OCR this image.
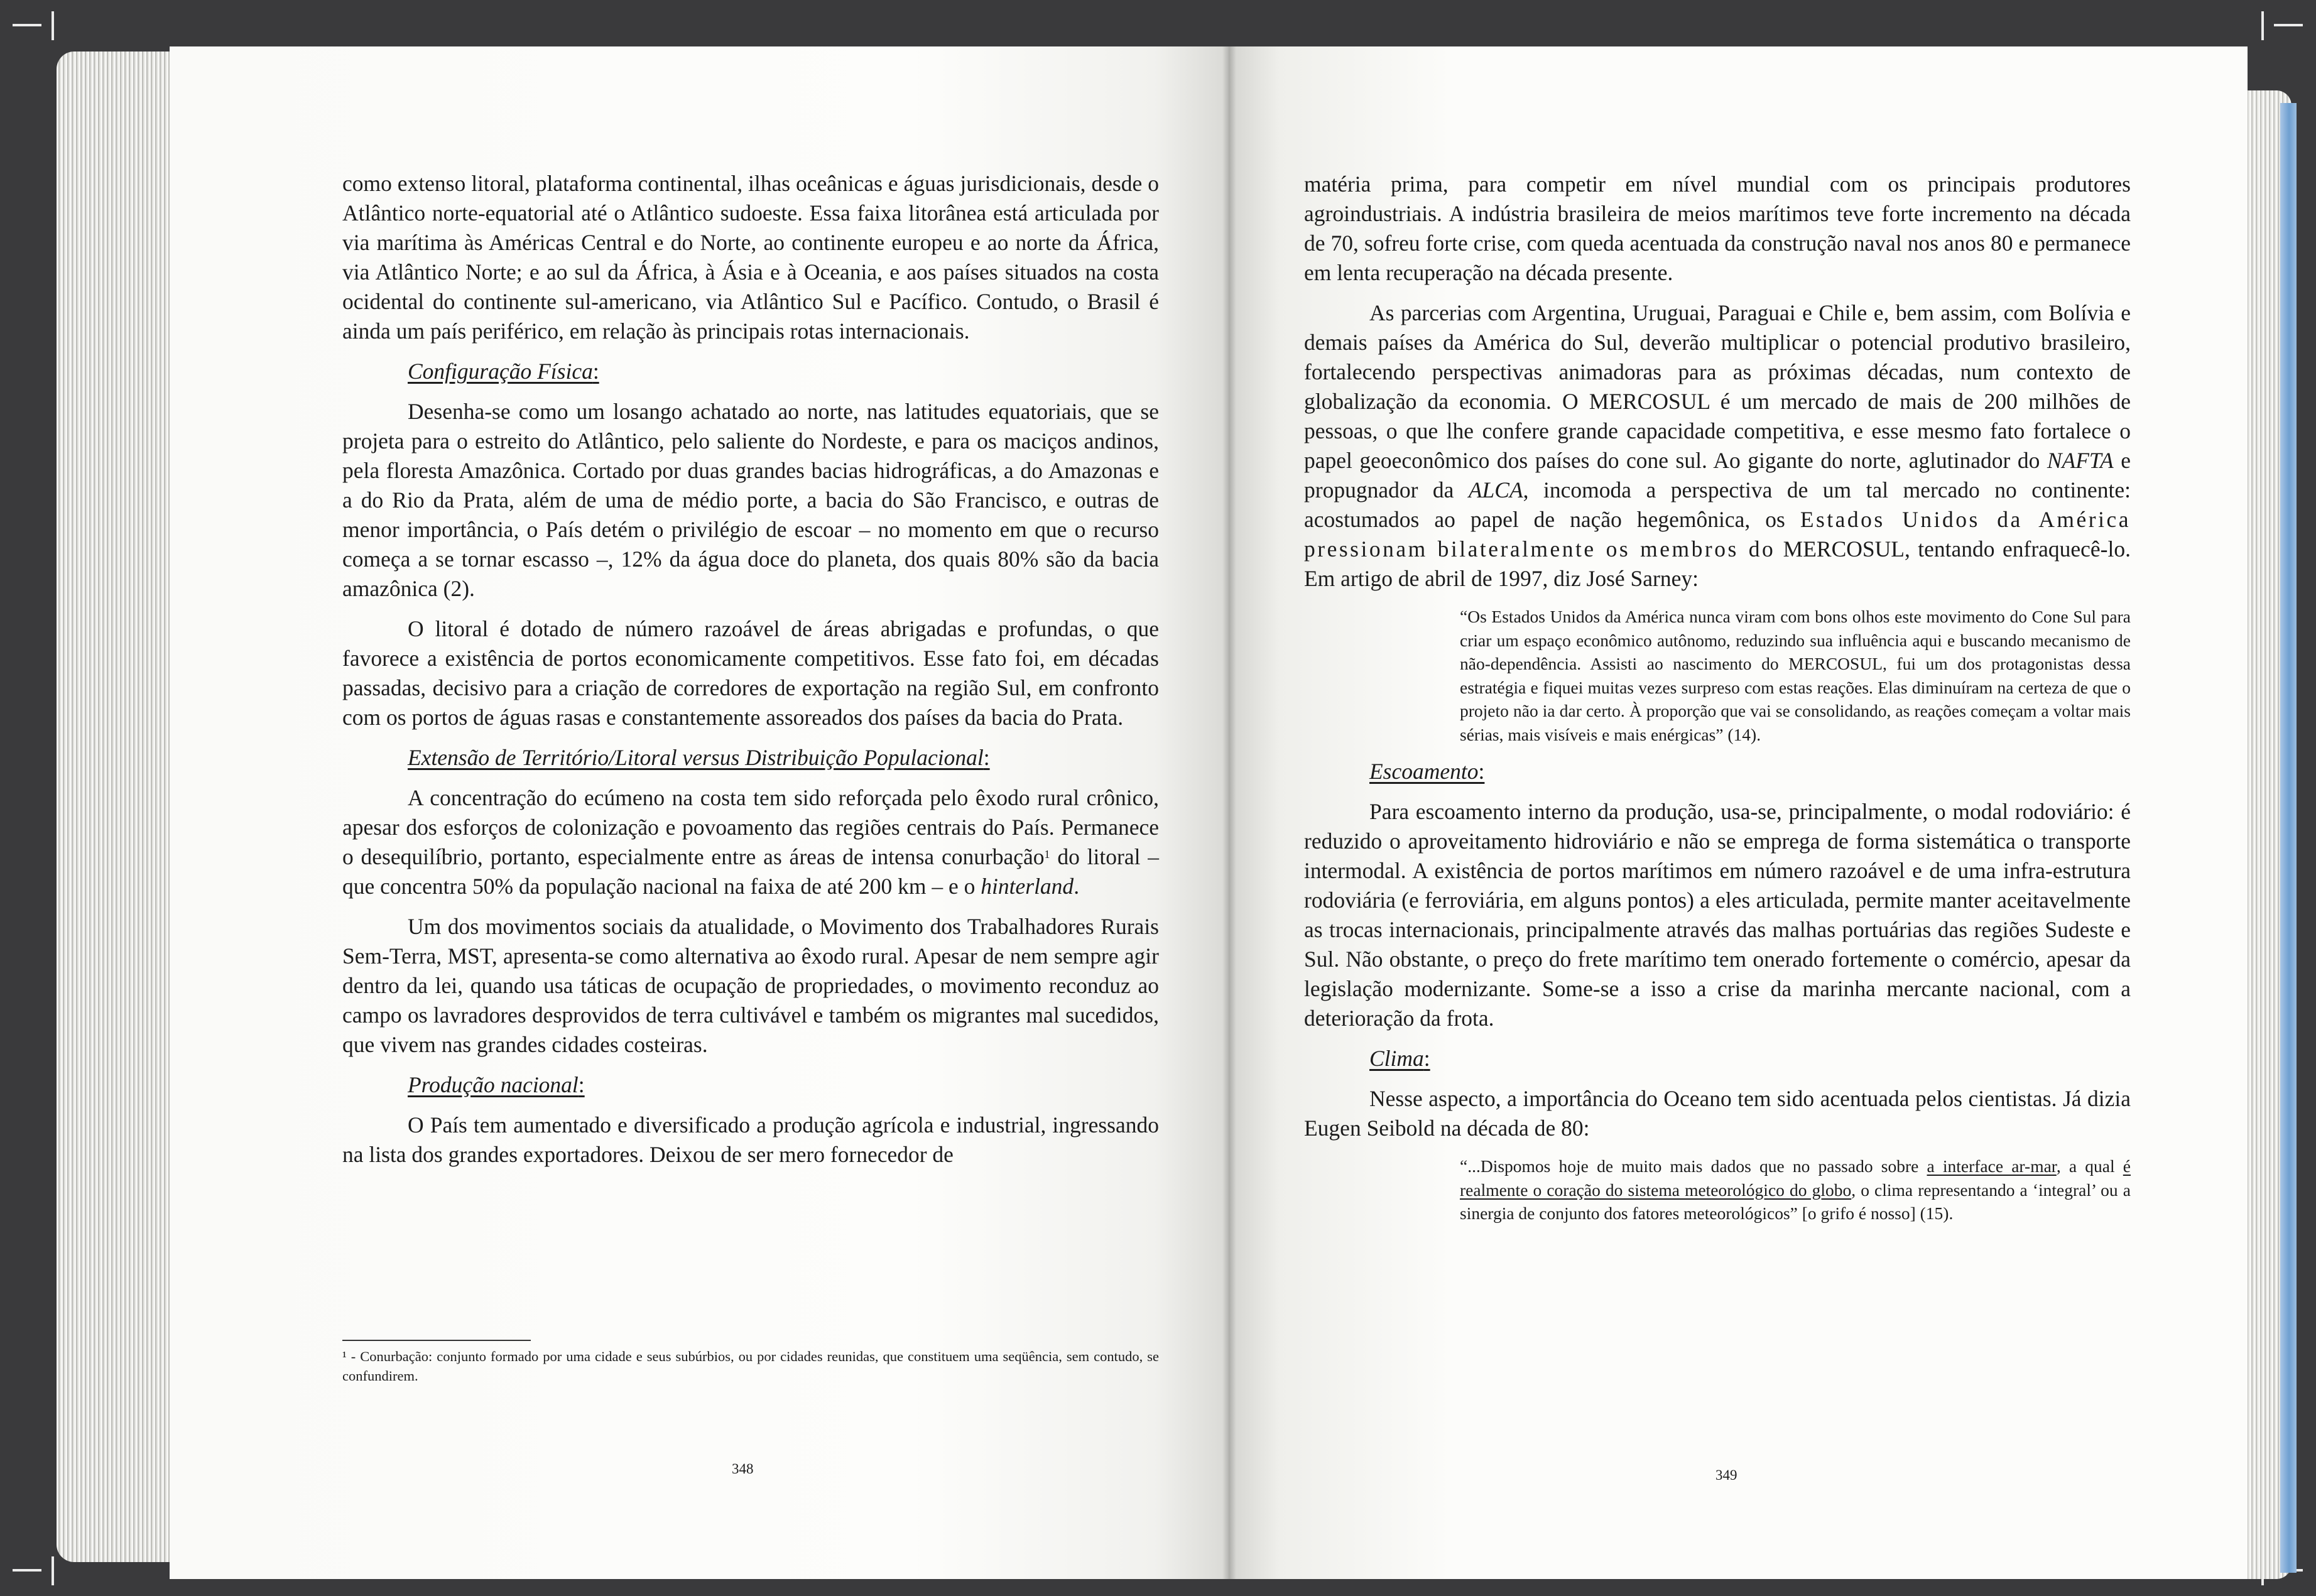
como extenso litoral, plataforma continental, ilhas oceânicas e águas jurisdicionais, desde o Atlântico norte-equatorial até o Atlântico sudoeste. Essa faixa litorânea está articulada por via marítima às Américas Central e do Norte, ao continente europeu e ao norte da África, via Atlântico Norte; e ao sul da África, à Ásia e à Oceania, e aos países situados na costa ocidental do continente sul-americano, via Atlântico Sul e Pacífico. Contudo, o Brasil é ainda um país periférico, em relação às principais rotas internacionais.

Configuração Física:

Desenha-se como um losango achatado ao norte, nas latitudes equatoriais, que se projeta para o estreito do Atlântico, pelo saliente do Nordeste, e para os maciços andinos, pela floresta Amazônica. Cortado por duas grandes bacias hidrográficas, a do Amazonas e a do Rio da Prata, além de uma de médio porte, a bacia do São Francisco, e outras de menor importância, o País detém o privilégio de escoar – no momento em que o recurso começa a se tornar escasso –, 12% da água doce do planeta, dos quais 80% são da bacia amazônica (2).

O litoral é dotado de número razoável de áreas abrigadas e profundas, o que favorece a existência de portos economicamente competitivos. Esse fato foi, em décadas passadas, decisivo para a criação de corredores de exportação na região Sul, em confronto com os portos de águas rasas e constantemente assoreados dos países da bacia do Prata.

Extensão de Território/Litoral versus Distribuição Populacional:

A concentração do ecúmeno na costa tem sido reforçada pelo êxodo rural crônico, apesar dos esforços de colonização e povoamento das regiões centrais do País. Permanece o desequilíbrio, portanto, especialmente entre as áreas de intensa conurbação$^1$ do litoral – que concentra 50% da população nacional na faixa de até 200 km – e o hinterland.

Um dos movimentos sociais da atualidade, o Movimento dos Trabalhadores Rurais Sem-Terra, MST, apresenta-se como alternativa ao êxodo rural. Apesar de nem sempre agir dentro da lei, quando usa táticas de ocupação de propriedades, o movimento reconduz ao campo os lavradores desprovidos de terra cultivável e também os migrantes mal sucedidos, que vivem nas grandes cidades costeiras.

Produção nacional:

O País tem aumentado e diversificado a produção agrícola e industrial, ingressando na lista dos grandes exportadores. Deixou de ser mero fornecedor de

¹ - Conurbação: conjunto formado por uma cidade e seus subúrbios, ou por cidades reunidas, que constituem uma seqüência, sem contudo, se confundirem.
348

matéria prima, para competir em nível mundial com os principais produtores agroindustriais. A indústria brasileira de meios marítimos teve forte incremento na década de 70, sofreu forte crise, com queda acentuada da construção naval nos anos 80 e permanece em lenta recuperação na década presente.

As parcerias com Argentina, Uruguai, Paraguai e Chile e, bem assim, com Bolívia e demais países da América do Sul, deverão multiplicar o potencial produtivo brasileiro, fortalecendo perspectivas animadoras para as próximas décadas, num contexto de globalização da economia. O MERCOSUL é um mercado de mais de 200 milhões de pessoas, o que lhe confere grande capacidade competitiva, e esse mesmo fato fortalece o papel geoeconômico dos países do cone sul. Ao gigante do norte, aglutinador do NAFTA e propugnador da ALCA, incomoda a perspectiva de um tal mercado no continente: acostumados ao papel de nação hegemônica, os Estados Unidos da América pressionam bilateralmente os membros do MERCOSUL, tentando enfraquecê-lo. Em artigo de abril de 1997, diz José Sarney:

“Os Estados Unidos da América nunca viram com bons olhos este movimento do Cone Sul para criar um espaço econômico autônomo, reduzindo sua influência aqui e buscando mecanismo de não-dependência. Assisti ao nascimento do MERCOSUL, fui um dos protagonistas dessa estratégia e fiquei muitas vezes surpreso com estas reações. Elas diminuíram na certeza de que o projeto não ia dar certo. À proporção que vai se consolidando, as reações começam a voltar mais sérias, mais visíveis e mais enérgicas” (14).

Escoamento:

Para escoamento interno da produção, usa-se, principalmente, o modal rodoviário: é reduzido o aproveitamento hidroviário e não se emprega de forma sistemática o transporte intermodal. A existência de portos marítimos em número razoável e de uma infra-estrutura rodoviária (e ferroviária, em alguns pontos) a eles articulada, permite manter aceitavelmente as trocas internacionais, principalmente através das malhas portuárias das regiões Sudeste e Sul. Não obstante, o preço do frete marítimo tem onerado fortemente o comércio, apesar da legislação modernizante. Some-se a isso a crise da marinha mercante nacional, com a deterioração da frota.

Clima:

Nesse aspecto, a importância do Oceano tem sido acentuada pelos cientistas. Já dizia Eugen Seibold na década de 80:

“...Dispomos hoje de muito mais dados que no passado sobre a interface ar-mar, a qual é realmente o coração do sistema meteorológico do globo, o clima representando a ‘integral’ ou a sinergia de conjunto dos fatores meteorológicos” [o grifo é nosso] (15).

349
